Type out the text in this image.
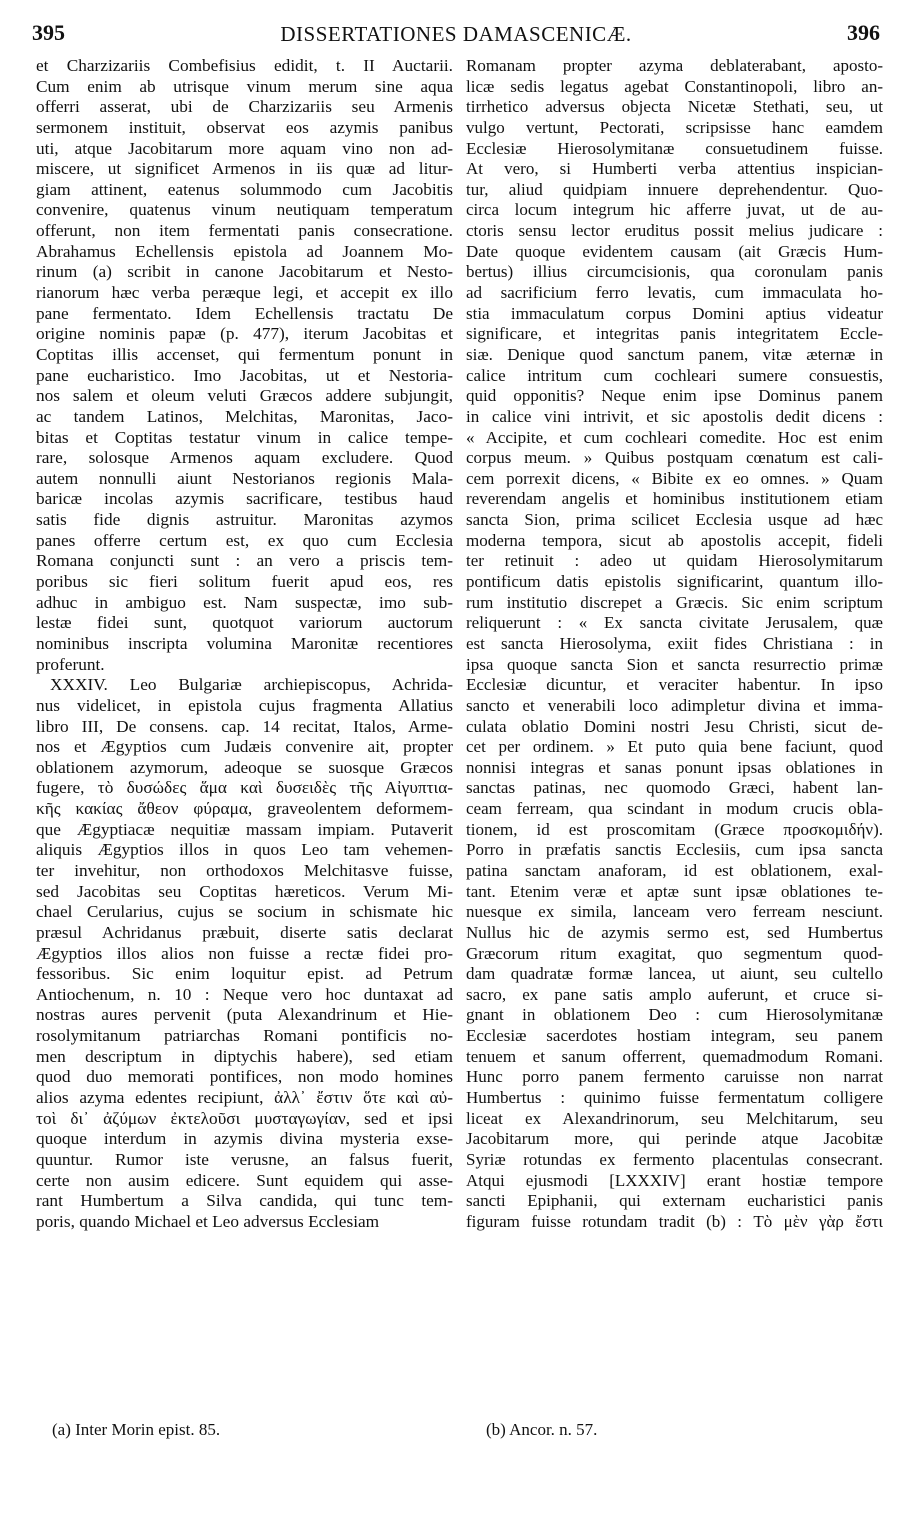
395	DISSERTATIONES DAMASCENICÆ.	396
et Charzizariis Combefisius edidit, t. II Auctarii.
Cum enim ab utrisque vinum merum sine aqua
offerri asserat, ubi de Charzizariis seu Armenis
sermonem instituit, observat eos azymis panibus
uti, atque Jacobitarum more aquam vino non ad-
miscere, ut significet Armenos in iis quæ ad litur-
giam attinent, eatenus solummodo cum Jacobitis
convenire, quatenus vinum neutiquam temperatum
offerunt, non item fermentati panis consecratione.
Abrahamus Echellensis epistola ad Joannem Mo-
rinum (a) scribit in canone Jacobitarum et Nesto-
rianorum hæc verba peræque legi, et accepit ex illo
pane fermentato. Idem Echellensis tractatu De
origine nominis papæ (p. 477), iterum Jacobitas et
Coptitas illis accenset, qui fermentum ponunt in
pane eucharistico. Imo Jacobitas, ut et Nestoria-
nos salem et oleum veluti Græcos addere subjungit,
ac tandem Latinos, Melchitas, Maronitas, Jaco-
bitas et Coptitas testatur vinum in calice tempe-
rare, solosque Armenos aquam excludere. Quod
autem nonnulli aiunt Nestorianos regionis Mala-
baricæ incolas azymis sacrificare, testibus haud
satis fide dignis astruitur. Maronitas azymos
panes offerre certum est, ex quo cum Ecclesia
Romana conjuncti sunt : an vero a priscis tem-
poribus sic fieri solitum fuerit apud eos, res
adhuc in ambiguo est. Nam suspectæ, imo sub-
lestæ fidei sunt, quotquot variorum auctorum
nominibus inscripta volumina Maronitæ recentiores
proferunt.
XXXIV. Leo Bulgariæ archiepiscopus, Achrida-
nus videlicet, in epistola cujus fragmenta Allatius
libro III, De consens. cap. 14 recitat, Italos, Arme-
nos et Ægyptios cum Judæis convenire ait, propter
oblationem azymorum, adeoque se suosque Græcos
fugere, τὸ δυσώδες ἅμα καὶ δυσειδὲς τῆς Αἰγυπτια-
κῆς κακίας ἄθεον φύραμα, graveolentem deformem-
que Ægyptiacæ nequitiæ massam impiam. Putaverit
aliquis Ægyptios illos in quos Leo tam vehemen-
ter invehitur, non orthodoxos Melchitasve fuisse,
sed Jacobitas seu Coptitas hæreticos. Verum Mi-
chael Cerularius, cujus se socium in schismate hic
præsul Achridanus præbuit, diserte satis declarat
Ægyptios illos alios non fuisse a rectæ fidei pro-
fessoribus. Sic enim loquitur epist. ad Petrum
Antiochenum, n. 10 : Neque vero hoc duntaxat ad
nostras aures pervenit (puta Alexandrinum et Hie-
rosolymitanum patriarchas Romani pontificis no-
men descriptum in diptychis habere), sed etiam
quod duo memorati pontifices, non modo homines
alios azyma edentes recipiunt, ἀλλ᾽ ἔστιν ὅτε καὶ αὐ-
τοὶ δι᾽ ἀζύμων ἐκτελοῦσι μυσταγωγίαν, sed et ipsi
quoque interdum in azymis divina mysteria exse-
quuntur. Rumor iste verusne, an falsus fuerit,
certe non ausim edicere. Sunt equidem qui asse-
rant Humbertum a Silva candida, qui tunc tem-
poris, quando Michael et Leo adversus Ecclesiam
Romanam propter azyma deblaterabant, aposto-
licæ sedis legatus agebat Constantinopoli, libro an-
tirrhetico adversus objecta Nicetæ Stethati, seu, ut
vulgo vertunt, Pectorati, scripsisse hanc eamdem
Ecclesiæ Hierosolymitanæ consuetudinem fuisse.
At vero, si Humberti verba attentius inspician-
tur, aliud quidpiam innuere deprehendentur. Quo-
circa locum integrum hic afferre juvat, ut de au-
ctoris sensu lector eruditus possit melius judicare :
Date quoque evidentem causam (ait Græcis Hum-
bertus) illius circumcisionis, qua coronulam panis
ad sacrificium ferro levatis, cum immaculata ho-
stia immaculatum corpus Domini aptius videatur
significare, et integritas panis integritatem Eccle-
siæ. Denique quod sanctum panem, vitæ æternæ in
calice intritum cum cochleari sumere consuestis,
quid opponitis? Neque enim ipse Dominus panem
in calice vini intrivit, et sic apostolis dedit dicens :
« Accipite, et cum cochleari comedite. Hoc est enim
corpus meum. » Quibus postquam cœnatum est cali-
cem porrexit dicens, « Bibite ex eo omnes. » Quam
reverendam angelis et hominibus institutionem etiam
sancta Sion, prima scilicet Ecclesia usque ad hæc
moderna tempora, sicut ab apostolis accepit, fideli
ter retinuit : adeo ut quidam Hierosolymitarum
pontificum datis epistolis significarint, quantum illo-
rum institutio discrepet a Græcis. Sic enim scriptum
reliquerunt : « Ex sancta civitate Jerusalem, quæ
est sancta Hierosolyma, exiit fides Christiana : in
ipsa quoque sancta Sion et sancta resurrectio primæ
Ecclesiæ dicuntur, et veraciter habentur. In ipso
sancto et venerabili loco adimpletur divina et imma-
culata oblatio Domini nostri Jesu Christi, sicut de-
cet per ordinem. » Et puto quia bene faciunt, quod
nonnisi integras et sanas ponunt ipsas oblationes in
sanctas patinas, nec quomodo Græci, habent lan-
ceam ferream, qua scindant in modum crucis obla-
tionem, id est proscomitam (Græce προσκομιδήν).
Porro in præfatis sanctis Ecclesiis, cum ipsa sancta
patina sanctam anaforam, id est oblationem, exal-
tant. Etenim veræ et aptæ sunt ipsæ oblationes te-
nuesque ex simila, lanceam vero ferream nesciunt.
Nullus hic de azymis sermo est, sed Humbertus
Græcorum ritum exagitat, quo segmentum quod-
dam quadratæ formæ lancea, ut aiunt, seu cultello
sacro, ex pane satis amplo auferunt, et cruce si-
gnant in oblationem Deo : cum Hierosolymitanæ
Ecclesiæ sacerdotes hostiam integram, seu panem
tenuem et sanum offerrent, quemadmodum Romani.
Hunc porro panem fermento caruisse non narrat
Humbertus : quinimo fuisse fermentatum colligere
liceat ex Alexandrinorum, seu Melchitarum, seu
Jacobitarum more, qui perinde atque Jacobitæ
Syriæ rotundas ex fermento placentulas consecrant.
Atqui ejusmodi [LXXXIV] erant hostiæ tempore
sancti Epiphanii, qui externam eucharistici panis
figuram fuisse rotundam tradit (b) : Τὸ μὲν γὰρ ἔστι
(a) Inter Morin epist. 85.	(b) Ancor. n. 57.
